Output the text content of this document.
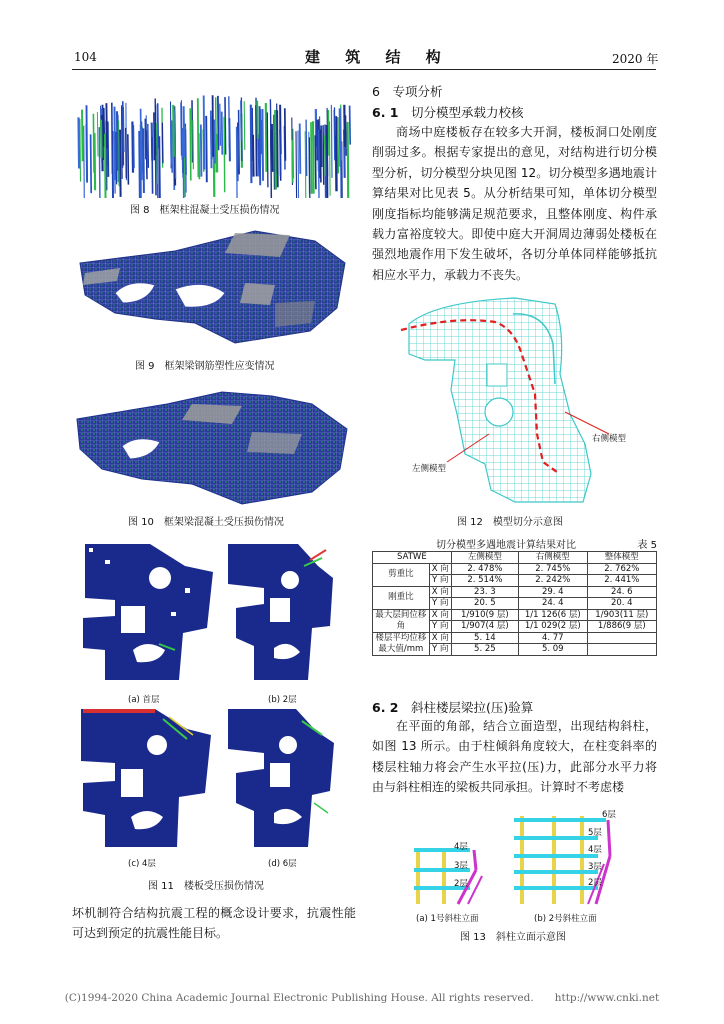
104	建 筑 结 构	2020 年
图 8　框架柱混凝土受压损伤情况
图 9　框架梁钢筋塑性应变情况
图 10　框架梁混凝土受压损伤情况
(a) 首层	(b) 2层
(c) 4层	(d) 6层
图 11　楼板受压损伤情况
坏机制符合结构抗震工程的概念设计要求，抗震性能可达到预定的抗震性能目标。
6　 专项分析
6. 1　 切分模型承载力校核
商场中庭楼板存在较多大开洞，楼板洞口处刚度削弱过多。根据专家提出的意见，对结构进行切分模型分析，切分模型分块见图 12。切分模型多遇地震计算结果对比见表 5。从分析结果可知，单体切分模型刚度指标均能够满足规范要求，且整体刚度、构件承载力富裕度较大。即使中庭大开洞周边薄弱处楼板在强烈地震作用下发生破坏，各切分单体同样能够抵抗相应水平力，承载力不丧失。
右侧模型
左侧模型
图 12　模型切分示意图
切分模型多遇地震计算结果对比	表 5
SATWE		左侧模型	右侧模型	整体模型
剪重比	X 向	2. 478%	2. 745%	2. 762%
	Y 向	2. 514%	2. 242%	2. 441%
刚重比	X 向	23. 3	29. 4	24. 6
	Y 向	20. 5	24. 4	20. 4
最大层间位移角	X 向	1/910(9 层)	1/1 126(6 层)	1/903(11 层)
	Y 向	1/907(4 层)	1/1 029(2 层)	1/886(9 层)
楼层平均位移最大值/mm	X 向	5. 14	4. 77	
	Y 向	5. 25	5. 09	
6. 2　 斜柱楼层梁拉(压)验算
在平面的角部，结合立面造型，出现结构斜柱，如图 13 所示。由于柱倾斜角度较大，在柱变斜率的楼层柱轴力将会产生水平拉(压)力，此部分水平力将由与斜柱相连的梁板共同承担。计算时不考虑楼
4层
3层
2层
(a) 1号斜柱立面
6层
5层
4层
3层
2层
(b) 2号斜柱立面
图 13　斜柱立面示意图
(C)1994-2020 China Academic Journal Electronic Publishing House. All rights reserved.　　http://www.cnki.net
